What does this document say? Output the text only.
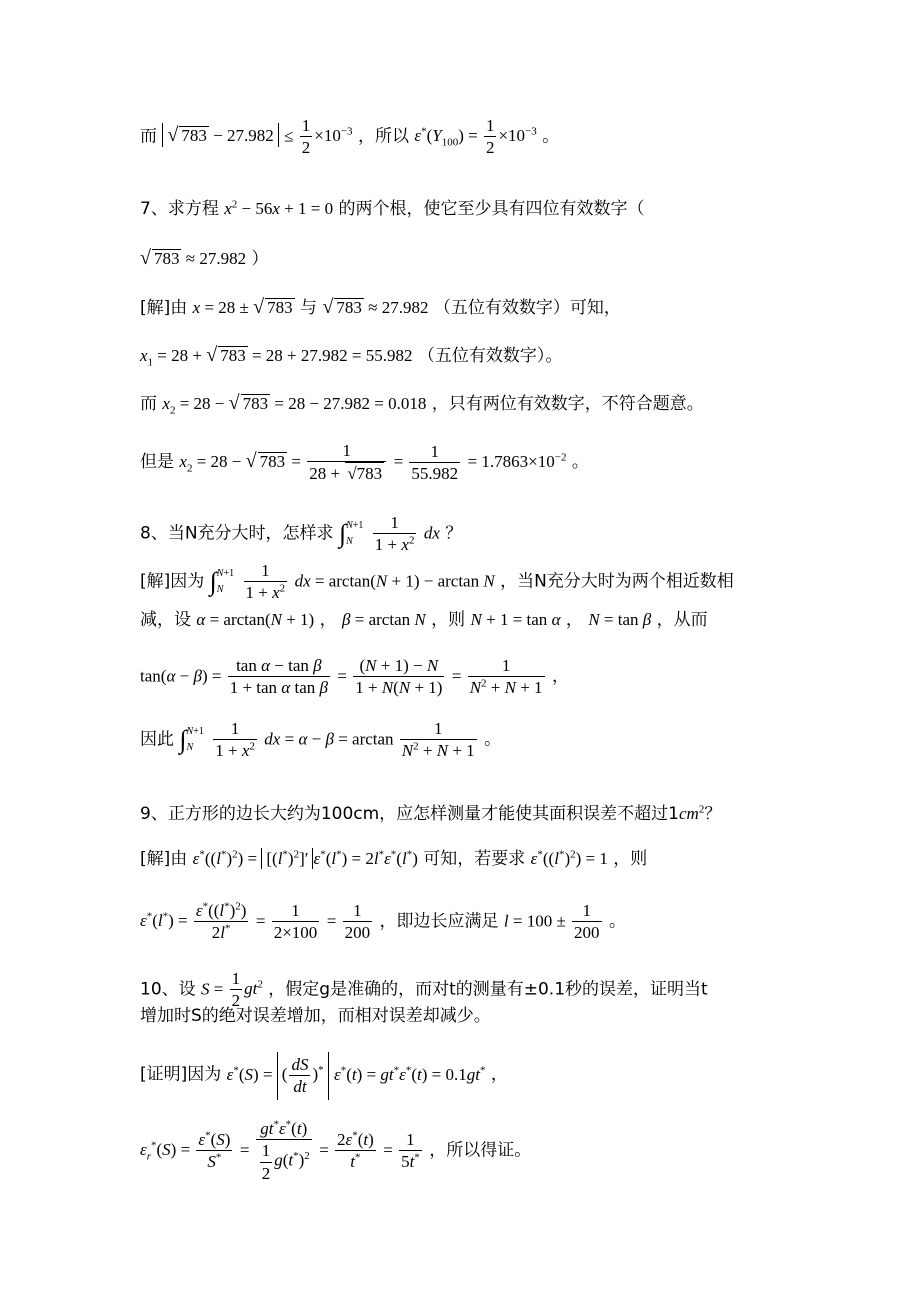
而 √ $783 - 27.982 \le \frac{1}{2} \times 10^{-3}$ ，所以 $\varepsilon^*(Y_{100}) = \frac{1}{2} \times 10^{-3}$ 。
7、求方程 $x^2 - 56x + 1 = 0$ 的两个根，使它至少具有四位有效数字（
√ 783 ≈ 27.982 ）
[解]由 x = 28 ± √ 783 与 √ 783 ≈ 27.982 （五位有效数字）可知，
$x_1 = 28$ + √ 783 = 28 + 27.982 = 55.982 （五位有效数字）。
而 $x_2 = 28$ − √ 783 = 28 − 27.982 = 0.018 ，只有两位有效数字，不符合题意。
但是 $x_2 = 28$ − √ $783 = \frac{1}{28 + √783} = \frac{1}{55.982} = 1.7863\times 10^{-2}$ 。
8、当N充分大时，怎样求 ∫ N+1
N
	$\frac{1}{1 + x^2}$ dx ？
[解]因为 ∫ N+1
N
	$\frac{1}{1 + x^2}$ dx = arctan(N + 1) − arctan N ，当N充分大时为两个相近数相
减，设 α = arctan(N + 1) ， β = arctan N ，则 N + 1 = tan α ， N = tan β ，从而
$\tan(\alpha - \beta) = \frac{\text{tan α − tan β}}{\text{1 + tan α tan β}} = \frac{(N + 1) - N}{1 + N(N + 1)} = \frac{1}{N^2 + N + 1}$ ，
因此 ∫ N+1
N
	$\frac{1}{1 + x^2}$ dx = $\alpha - \beta = \arctan \frac{1}{N^2 + N + 1}$ 。
9、正方形的边长大约为100cm，应怎样测量才能使其面积误差不超过$1cm^2$？
[解]由 $\varepsilon^*((l^*)^2) = [(l^*)^2]'$ ε*(l*) = 2l*ε*(l*) 可知，若要求 $\varepsilon^*((l^*)^2) = 1$ ，则
$\varepsilon^*(l^*) = \frac{\varepsilon^*((l^*)^2)}{2l^*} = \frac{1}{2\times 100} = \frac{1}{200}$ ，即边长应满足 $l = 100 \pm \frac{1}{200}$ 。
10、设 $S = \frac{1}{2} gt^2$ ，假定g是准确的，而对t的测量有±0.1秒的误差，证明当t
增加时S的绝对误差增加，而相对误差却减少。
[证明]因为 ε*(S) = ( $\frac{dS}{dt} )^*$ ε*(t) = gt*ε*(t) = 0.1gt* ，
$\varepsilon_r^*(S) = \frac{\varepsilon^*(S)}{S^*} = \frac{gt^*\varepsilon^*(t)}{\frac{1}{2} g(t^*)^2} = \frac{2\varepsilon^*(t)}{t^*} = \frac{1}{5t^*}$ ，所以得证。
